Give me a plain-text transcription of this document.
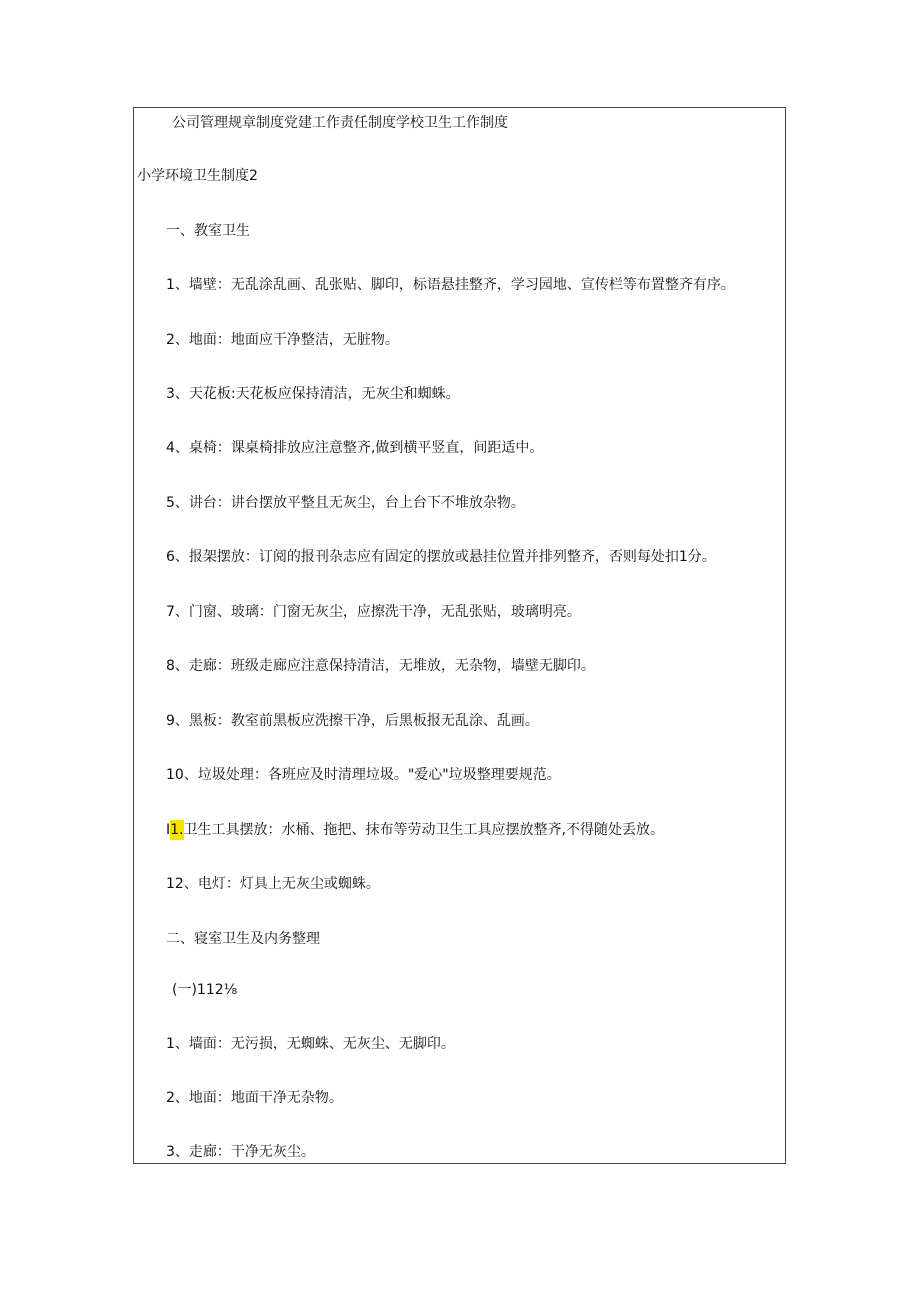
公司管理规章制度党建工作责任制度学校卫生工作制度
小学环境卫生制度2
一、教室卫生
1、墙壁：无乱涂乱画、乱张贴、脚印，标语悬挂整齐，学习园地、宣传栏等布置整齐有序。
2、地面：地面应干净整洁，无脏物。
3、天花板:天花板应保持清洁，无灰尘和蜘蛛。
4、桌椅：课桌椅排放应注意整齐,做到横平竖直，间距适中。
5、讲台：讲台摆放平整且无灰尘，台上台下不堆放杂物。
6、报架摆放：订阅的报刊杂志应有固定的摆放或悬挂位置并排列整齐，否则每处扣1分。
7、门窗、玻璃：门窗无灰尘，应擦洗干净，无乱张贴，玻璃明亮。
8、走廊：班级走廊应注意保持清洁，无堆放，无杂物，墙壁无脚印。
9、黑板：教室前黑板应洗擦干净，后黑板报无乱涂、乱画。
10、垃圾处理：各班应及时清理垃圾。"爱心"垃圾整理要规范。
I1.卫生工具摆放：水桶、拖把、抹布等劳动卫生工具应摆放整齐,不得随处丢放。
12、电灯：灯具上无灰尘或蜘蛛。
二、寝室卫生及内务整理
(一)112⅛
1、墙面：无污损，无蜘蛛、无灰尘、无脚印。
2、地面：地面干净无杂物。
3、走廊：干净无灰尘。
